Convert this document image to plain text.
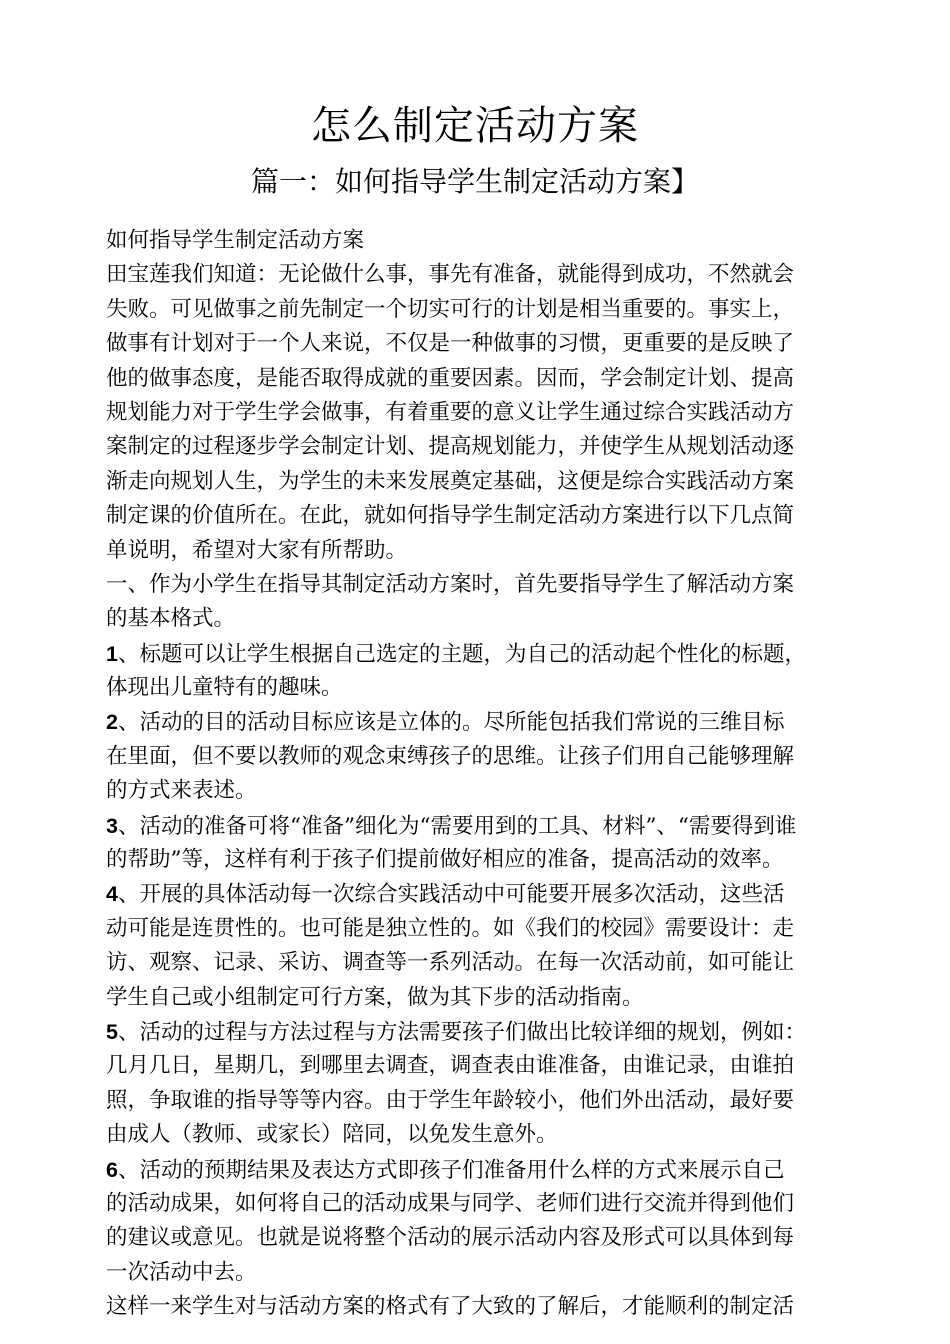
怎么制定活动方案
篇一：如何指导学生制定活动方案】
如何指导学生制定活动方案
田宝莲我们知道：无论做什么事，事先有准备，就能得到成功，不然就会
失败。可见做事之前先制定一个切实可行的计划是相当重要的。事实上，
做事有计划对于一个人来说，不仅是一种做事的习惯，更重要的是反映了
他的做事态度，是能否取得成就的重要因素。因而，学会制定计划、提高
规划能力对于学生学会做事，有着重要的意义让学生通过综合实践活动方
案制定的过程逐步学会制定计划、提高规划能力，并使学生从规划活动逐
渐走向规划人生，为学生的未来发展奠定基础，这便是综合实践活动方案
制定课的价值所在。在此，就如何指导学生制定活动方案进行以下几点简
单说明，希望对大家有所帮助。
一、作为小学生在指导其制定活动方案时，首先要指导学生了解活动方案
的基本格式。
1、标题可以让学生根据自己选定的主题，为自己的活动起个性化的标题，
体现出儿童特有的趣味。
2、活动的目的活动目标应该是立体的。尽所能包括我们常说的三维目标
在里面，但不要以教师的观念束缚孩子的思维。让孩子们用自己能够理解
的方式来表述。
3、活动的准备可将“准备”细化为“需要用到的工具、材料”、“需要得到谁
的帮助”等，这样有利于孩子们提前做好相应的准备，提高活动的效率。
4、开展的具体活动每一次综合实践活动中可能要开展多次活动，这些活
动可能是连贯性的。也可能是独立性的。如《我们的校园》需要设计：走
访、观察、记录、采访、调查等一系列活动。在每一次活动前，如可能让
学生自己或小组制定可行方案，做为其下步的活动指南。
5、活动的过程与方法过程与方法需要孩子们做出比较详细的规划，例如：
几月几日，星期几，到哪里去调查，调查表由谁准备，由谁记录，由谁拍
照，争取谁的指导等等内容。由于学生年龄较小，他们外出活动，最好要
由成人（教师、或家长）陪同，以免发生意外。
6、活动的预期结果及表达方式即孩子们准备用什么样的方式来展示自己
的活动成果，如何将自己的活动成果与同学、老师们进行交流并得到他们
的建议或意见。也就是说将整个活动的展示活动内容及形式可以具体到每
一次活动中去。
这样一来学生对与活动方案的格式有了大致的了解后，才能顺利的制定活
